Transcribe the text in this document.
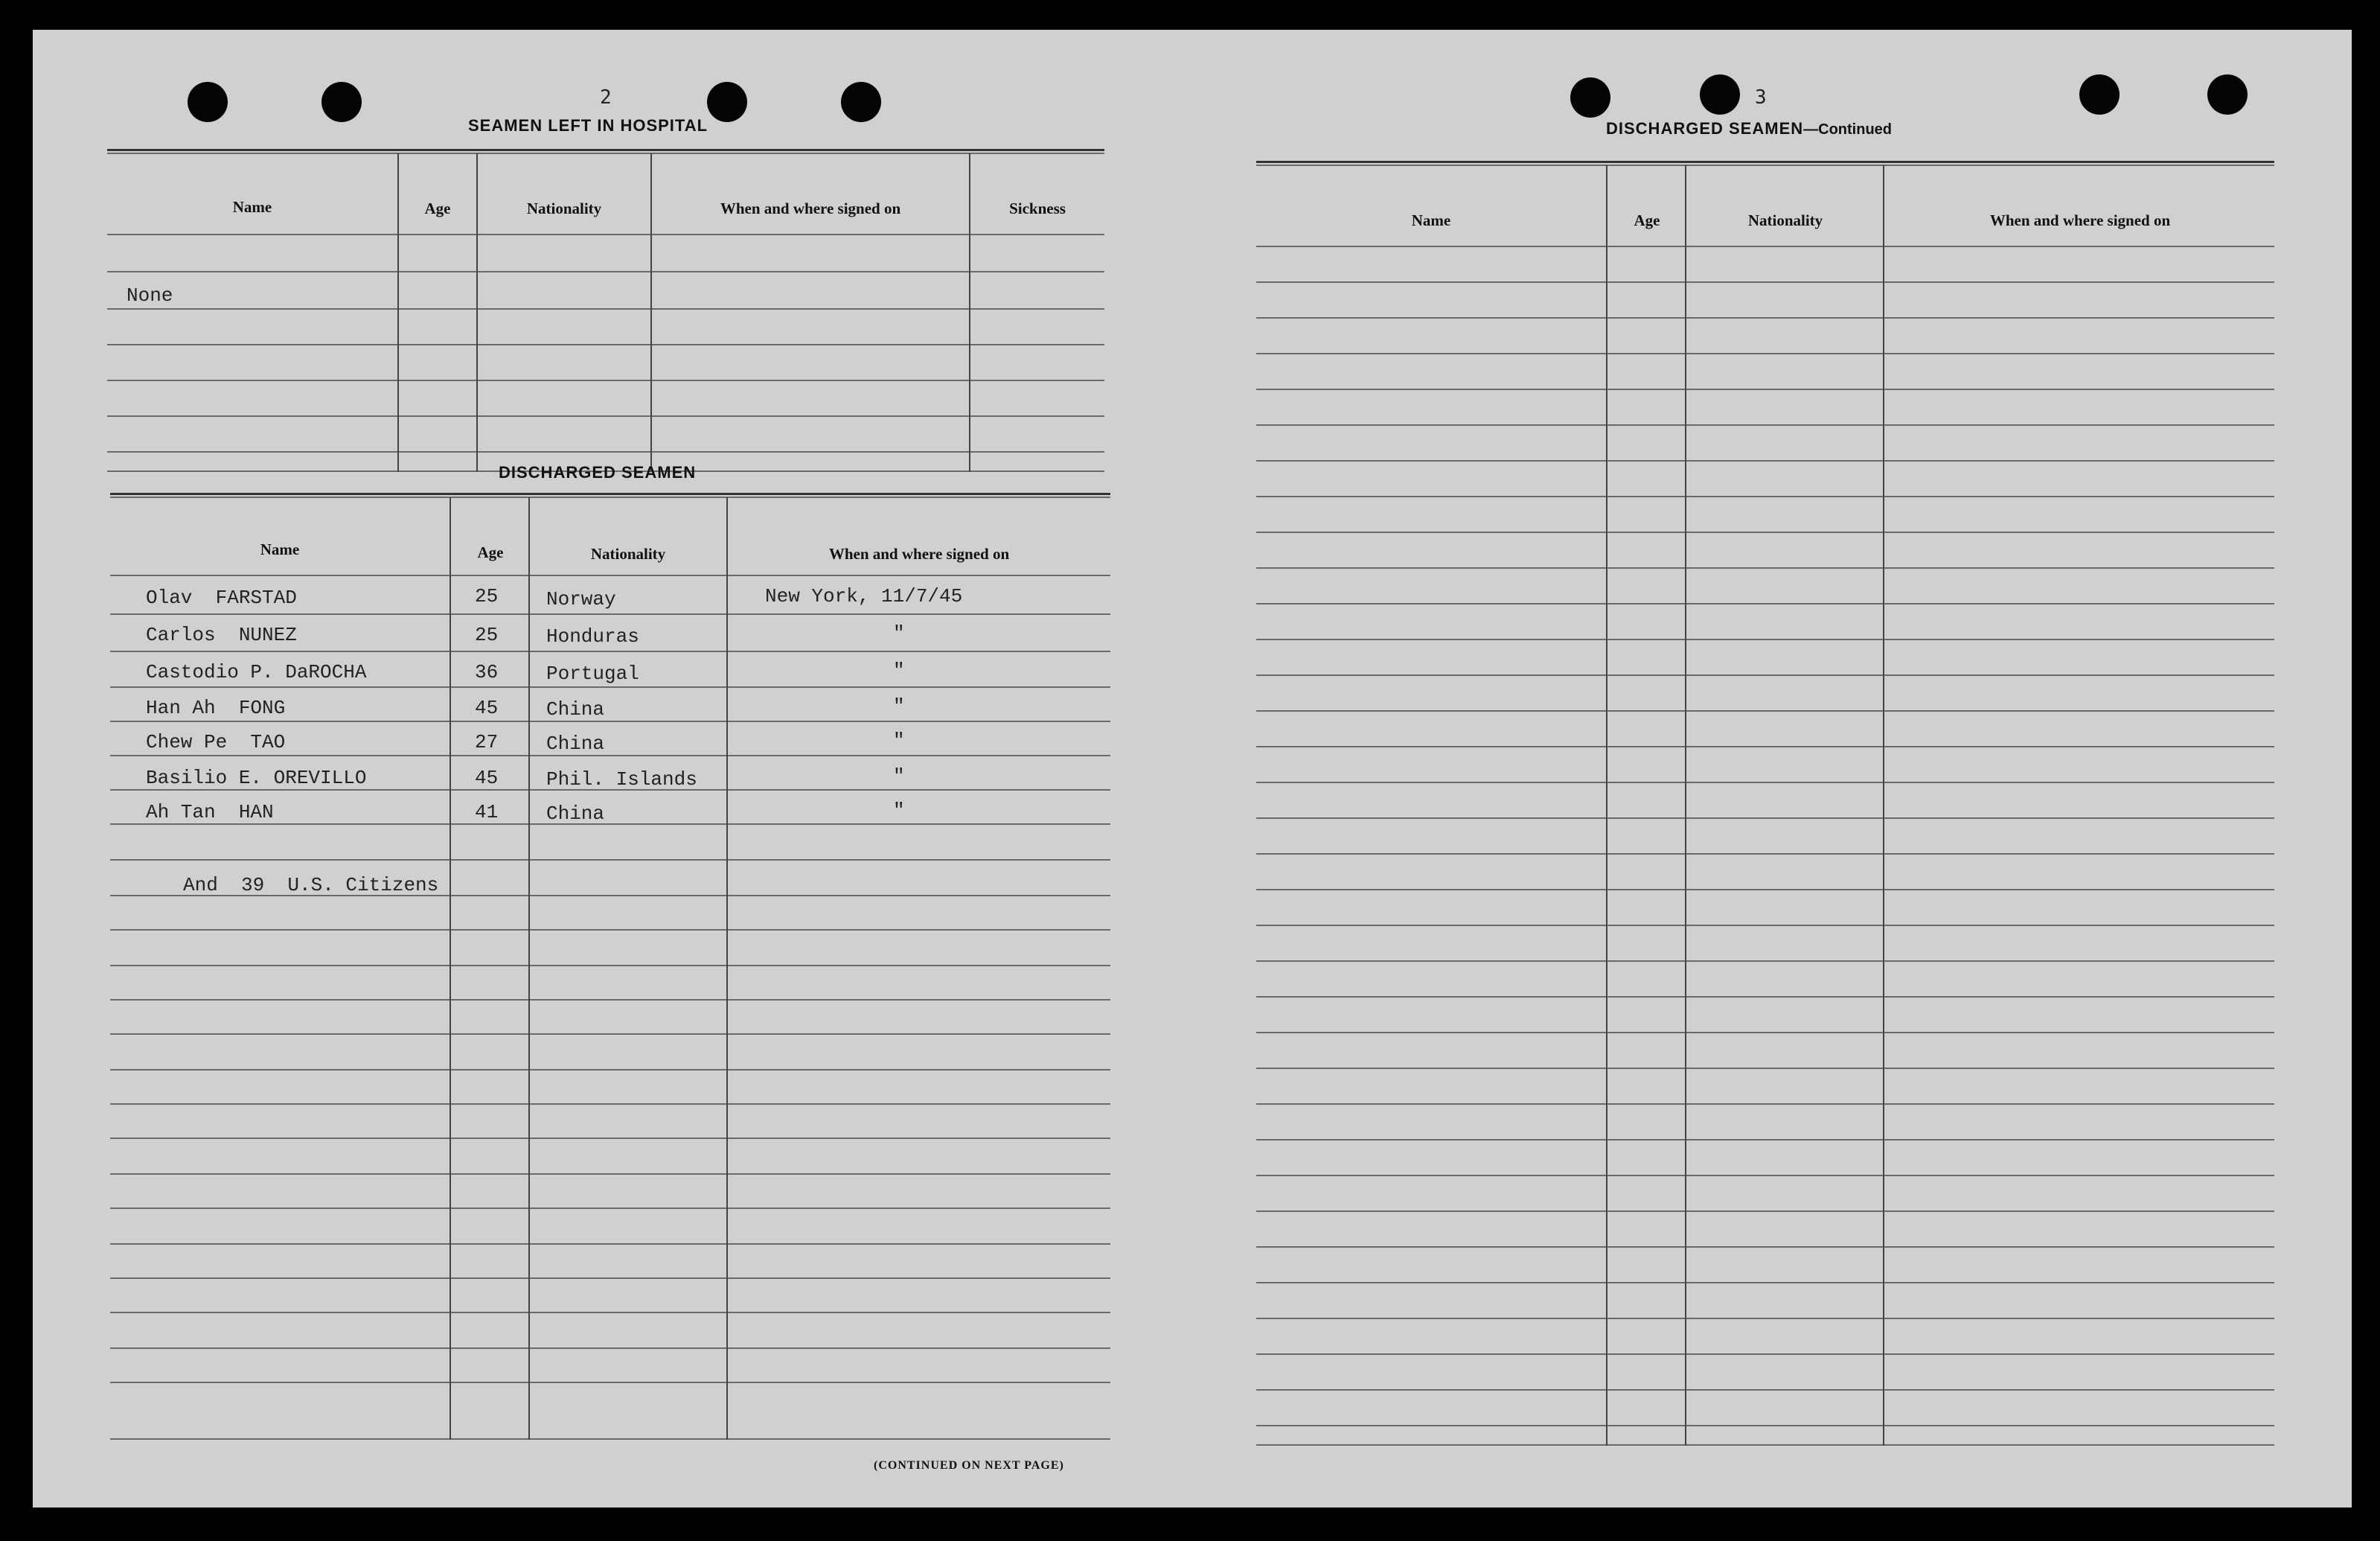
2
SEAMEN LEFT IN HOSPITAL
Name	Age	Nationality	When and where signed on	Sickness
None
DISCHARGED SEAMEN
Name	Age	Nationality	When and where signed on
Olav  FARSTAD	25 Norway	New York, 11/7/45
Carlos  NUNEZ	25 Honduras	"
Castodio P. DaROCHA	36 Portugal	"
Han Ah  FONG	45 China	"
Chew Pe  TAO	27 China	"
Basilio E. OREVILLO	45 Phil. Islands	"
Ah Tan  HAN	41 China	"
And  39  U.S. Citizens
(CONTINUED ON NEXT PAGE)
3
DISCHARGED SEAMEN—Continued
Name	Age	Nationality	When and where signed on
